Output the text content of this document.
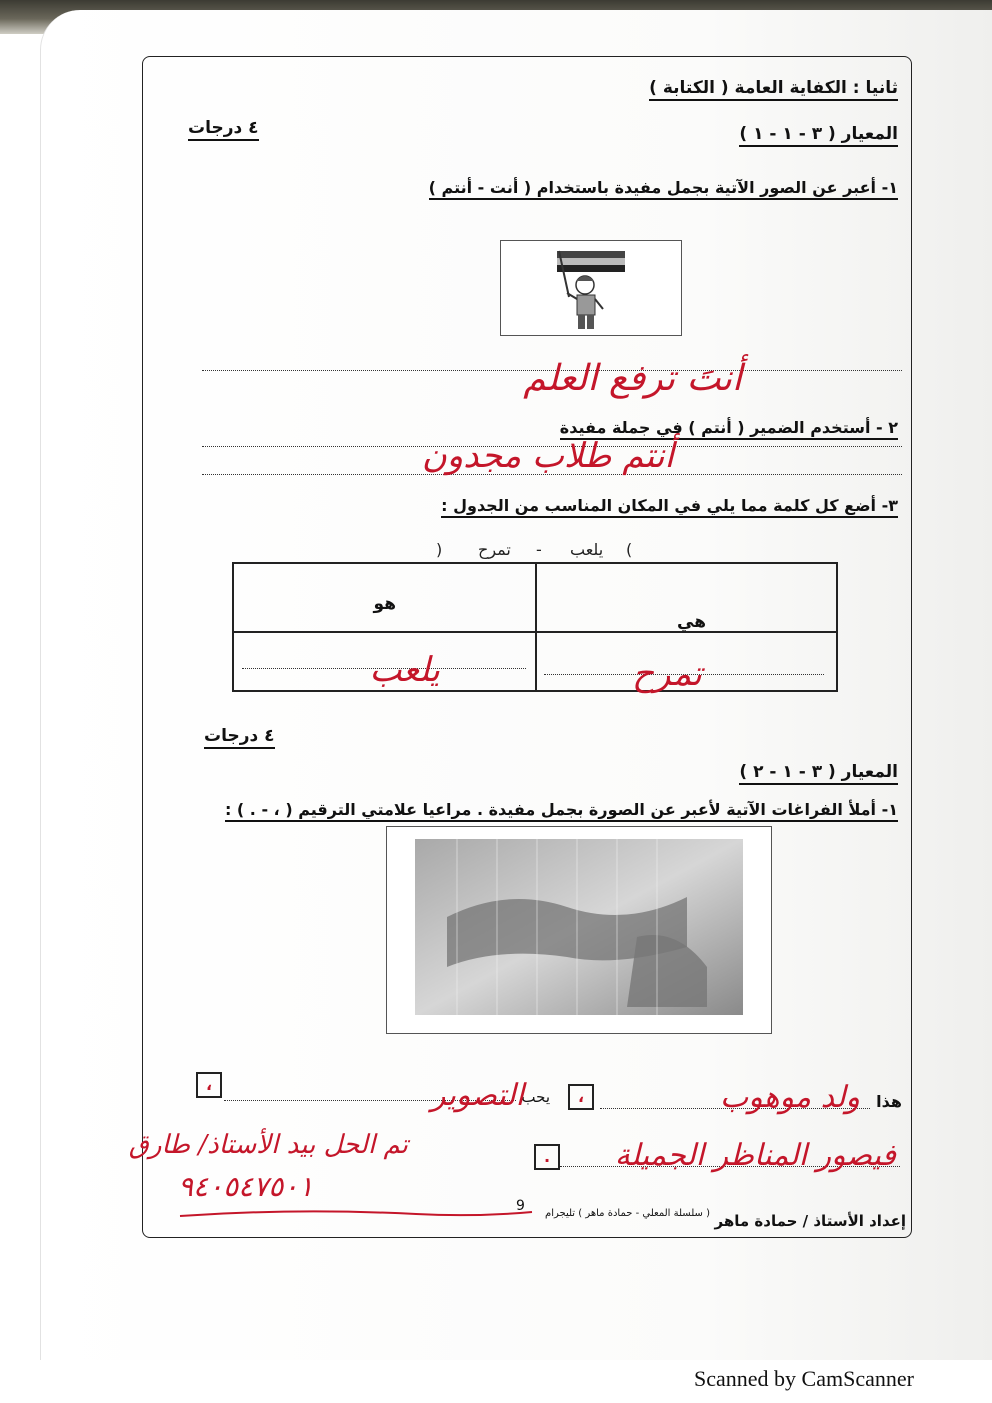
ثانيا : الكفاية العامة ( الكتابة )
المعيار ( ٣ - ١ - ١ )
٤ درجات
١- أعبر عن الصور الآتية بجمل مفيدة باستخدام ( أنت - أنتم )
أنتَ ترفع العلم
٢ - أستخدم الضمير ( أنتم ) في جملة مفيدة
أنتم طلاب مجدون
٣- أضع كل كلمة مما يلي في المكان المناسب من الجدول :
) تمرح - يلعب (
هو
هي
يلعب	تمرح
٤ درجات
المعيار ( ٣ - ١ - ٢ )
١- أملأ الفراغات الآتية لأعبر عن الصورة بجمل مفيدة . مراعيا علامتي الترقيم ( ، - . ) :
هذا
ولد موهوب
،
يحب
التصوير
،
فيصور المناظر الجميلة
.
تم الحل بيد الأستاذ/ طارق
٩٤٠٥٤٧٥٠١
9
إعداد الأستاذ / حمادة ماهر
( سلسلة المعلي - حمادة ماهر ) تليجرام
Scanned by CamScanner
